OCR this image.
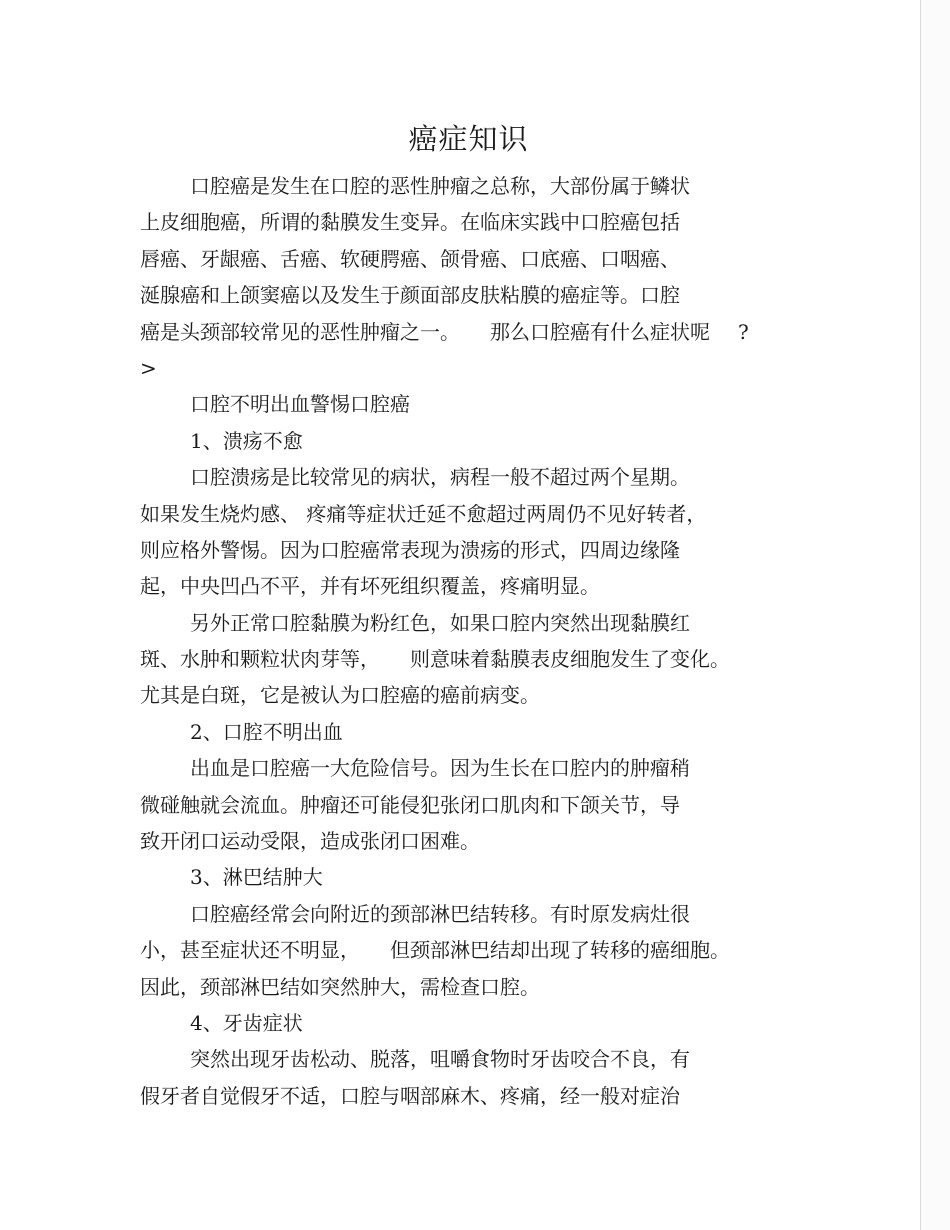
癌症知识
口腔癌是发生在口腔的恶性肿瘤之总称，大部份属于鳞状
上皮细胞癌，所谓的黏膜发生变异。在临床实践中口腔癌包括
唇癌、牙龈癌、舌癌、软硬腭癌、颌骨癌、口底癌、口咽癌、
涎腺癌和上颌窦癌以及发生于颜面部皮肤粘膜的癌症等。口腔
癌是头颈部较常见的恶性肿瘤之一。 那么口腔癌有什么症状呢 ?
>
口腔不明出血警惕口腔癌
1、溃疡不愈
口腔溃疡是比较常见的病状，病程一般不超过两个星期。
如果发生烧灼感、 疼痛等症状迁延不愈超过两周仍不见好转者，
则应格外警惕。因为口腔癌常表现为溃疡的形式，四周边缘隆
起，中央凹凸不平，并有坏死组织覆盖，疼痛明显。
另外正常口腔黏膜为粉红色，如果口腔内突然出现黏膜红
斑、水肿和颗粒状肉芽等， 则意味着黏膜表皮细胞发生了变化。
尤其是白斑，它是被认为口腔癌的癌前病变。
2、口腔不明出血
出血是口腔癌一大危险信号。因为生长在口腔内的肿瘤稍
微碰触就会流血。肿瘤还可能侵犯张闭口肌肉和下颌关节，导
致开闭口运动受限，造成张闭口困难。
3、淋巴结肿大
口腔癌经常会向附近的颈部淋巴结转移。有时原发病灶很
小，甚至症状还不明显， 但颈部淋巴结却出现了转移的癌细胞。
因此，颈部淋巴结如突然肿大，需检查口腔。
4、牙齿症状
突然出现牙齿松动、脱落，咀嚼食物时牙齿咬合不良，有
假牙者自觉假牙不适，口腔与咽部麻木、疼痛，经一般对症治
